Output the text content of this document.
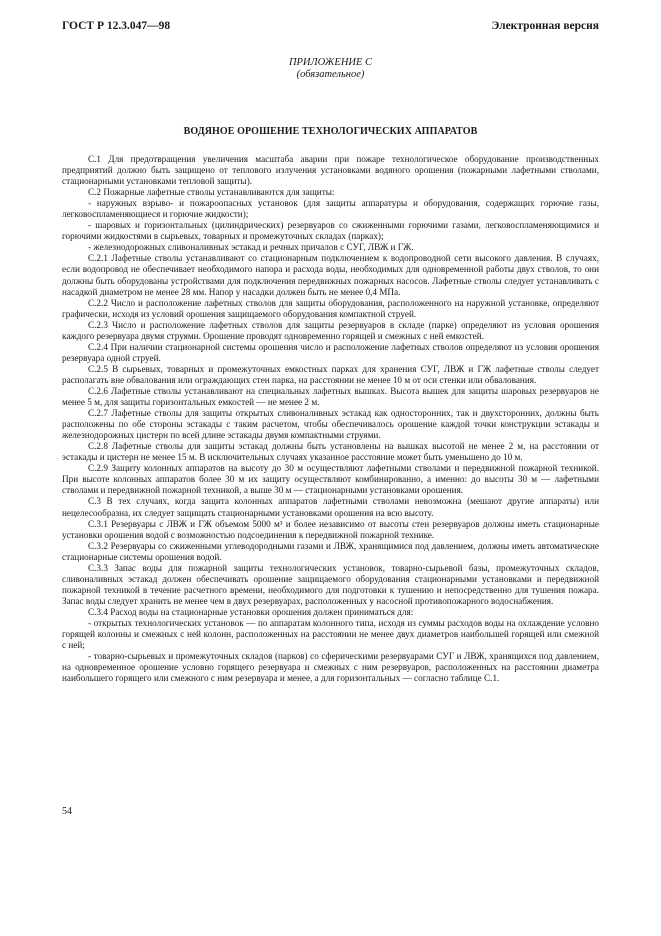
ГОСТ Р 12.3.047—98	Электронная версия
ПРИЛОЖЕНИЕ С
(обязательное)
ВОДЯНОЕ ОРОШЕНИЕ ТЕХНОЛОГИЧЕСКИХ АППАРАТОВ

С.1 Для предотвращения увеличения масштаба аварии при пожаре технологическое оборудование производственных предприятий должно быть защищено от теплового излучения установками водяного орошения (пожарными лафетными стволами, стационарными установками тепловой защиты).

С.2 Пожарные лафетные стволы устанавливаются для защиты:

- наружных взрыво- и пожароопасных установок (для защиты аппаратуры и оборудования, содержащих горючие газы, легковоспламеняющиеся и горючие жидкости);

- шаровых и горизонтальных (цилиндрических) резервуаров со сжиженными горючими газами, легковоспламеняющимися и горючими жидкостями в сырьевых, товарных и промежуточных складах (парках);

- железнодорожных сливоналивных эстакад и речных причалов с СУГ, ЛВЖ и ГЖ.

С.2.1 Лафетные стволы устанавливают со стационарным подключением к водопроводной сети высокого давления. В случаях, если водопровод не обеспечивает необходимого напора и расхода воды, необходимых для одновременной работы двух стволов, то они должны быть оборудованы устройствами для подключения передвижных пожарных насосов. Лафетные стволы следует устанавливать с насадкой диаметром не менее 28 мм. Напор у насадки должен быть не менее 0,4 МПа.

С.2.2 Число и расположение лафетных стволов для защиты оборудования, расположенного на наружной установке, определяют графически, исходя из условий орошения защищаемого оборудования компактной струей.

С.2.3 Число и расположение лафетных стволов для защиты резервуаров в складе (парке) определяют из условия орошения каждого резервуара двумя струями. Орошение проводят одновременно горящей и смежных с ней емкостей.

С.2.4 При наличии стационарной системы орошения число и расположение лафетных стволов определяют из условия орошения резервуара одной струей.

С.2.5 В сырьевых, товарных и промежуточных емкостных парках для хранения СУГ, ЛВЖ и ГЖ лафетные стволы следует располагать вне обвалования или ограждающих стен парка, на расстоянии не менее 10 м от оси стенки или обвалования.

С.2.6 Лафетные стволы устанавливают на специальных лафетных вышках. Высота вышек для защиты шаровых резервуаров не менее 5 м, для защиты горизонтальных емкостей — не менее 2 м.

С.2.7 Лафетные стволы для защиты открытых сливоналивных эстакад как односторонних, так и двухсторонних, должны быть расположены по обе стороны эстакады с таким расчетом, чтобы обеспечивалось орошение каждой точки конструкции эстакады и железнодорожных цистерн по всей длине эстакады двумя компактными струями.

С.2.8 Лафетные стволы для защиты эстакад должны быть установлены на вышках высотой не менее 2 м, на расстоянии от эстакады и цистерн не менее 15 м. В исключительных случаях указанное расстояние может быть уменьшено до 10 м.

С.2.9 Защиту колонных аппаратов на высоту до 30 м осуществляют лафетными стволами и передвижной пожарной техникой. При высоте колонных аппаратов более 30 м их защиту осуществляют комбинированно, а именно: до высоты 30 м — лафетными стволами и передвижной пожарной техникой, а выше 30 м — стационарными установками орошения.

С.3 В тех случаях, когда защита колонных аппаратов лафетными стволами невозможна (мешают другие аппараты) или нецелесообразна, их следует защищать стационарными установками орошения на всю высоту.

С.3.1 Резервуары с ЛВЖ и ГЖ объемом 5000 м³ и более независимо от высоты стен резервуаров должны иметь стационарные установки орошения водой с возможностью подсоединения к передвижной пожарной технике.

С.3.2 Резервуары со сжиженными углеводородными газами и ЛВЖ, хранящимися под давлением, должны иметь автоматические стационарные системы орошения водой.

С.3.3 Запас воды для пожарной защиты технологических установок, товарно-сырьевой базы, промежуточных складов, сливоналивных эстакад должен обеспечивать орошение защищаемого оборудования стационарными установками и передвижной пожарной техникой в течение расчетного времени, необходимого для подготовки к тушению и непосредственно для тушения пожара. Запас воды следует хранить не менее чем в двух резервуарах, расположенных у насосной противопожарного водоснабжения.

С.3.4 Расход воды на стационарные установки орошения должен приниматься для:

- открытых технологических установок — по аппаратам колонного типа, исходя из суммы расходов воды на охлаждение условно горящей колонны и смежных с ней колонн, расположенных на расстоянии не менее двух диаметров наибольшей горящей или смежной с ней;

- товарно-сырьевых и промежуточных складов (парков) со сферическими резервуарами СУГ и ЛВЖ, хранящихся под давлением, на одновременное орошение условно горящего резервуара и смежных с ним резервуаров, расположенных на расстоянии диаметра наибольшего горящего или смежного с ним резервуара и менее, а для горизонтальных — согласно таблице С.1.

54
